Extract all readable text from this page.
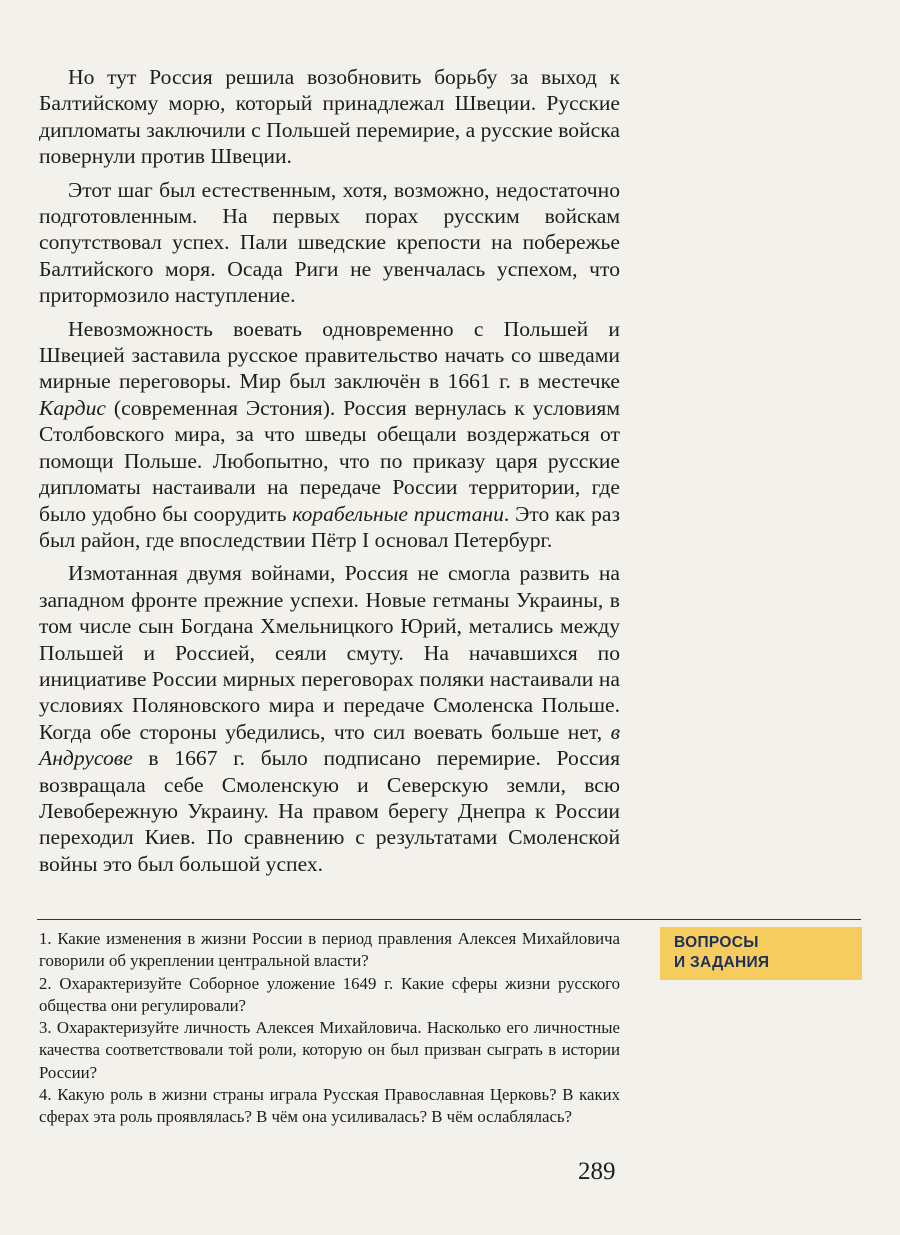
Но тут Россия решила возобновить борьбу за выход к Балтийскому морю, который принадлежал Швеции. Русские дипломаты заключили с Польшей перемирие, а русские войска повернули против Швеции.

Этот шаг был естественным, хотя, возможно, недостаточно подготовленным. На первых порах русским войскам сопутствовал успех. Пали шведские крепости на побережье Балтийского моря. Осада Риги не увенчалась успехом, что притормозило наступление.

Невозможность воевать одновременно с Польшей и Швецией заставила русское правительство начать со шведами мирные переговоры. Мир был заключён в 1661 г. в местечке Кардис (современная Эстония). Россия вернулась к условиям Столбовского мира, за что шведы обещали воздержаться от помощи Польше. Любопытно, что по приказу царя русские дипломаты настаивали на передаче России территории, где было удобно бы соорудить корабельные пристани. Это как раз был район, где впоследствии Пётр I основал Петербург.

Измотанная двумя войнами, Россия не смогла развить на западном фронте прежние успехи. Новые гетманы Украины, в том числе сын Богдана Хмельницкого Юрий, метались между Польшей и Россией, сеяли смуту. На начавшихся по инициативе России мирных переговорах поляки настаивали на условиях Поляновского мира и передаче Смоленска Польше. Когда обе стороны убедились, что сил воевать больше нет, в Андрусове в 1667 г. было подписано перемирие. Россия возвращала себе Смоленскую и Северскую земли, всю Левобережную Украину. На правом берегу Днепра к России переходил Киев. По сравнению с результатами Смоленской войны это был большой успех.

1. Какие изменения в жизни России в период правления Алексея Михайловича говорили об укреплении центральной власти?

2. Охарактеризуйте Соборное уложение 1649 г. Какие сферы жизни русского общества они регулировали?

3. Охарактеризуйте личность Алексея Михайловича. Насколько его личностные качества соответствовали той роли, которую он был призван сыграть в истории России?

4. Какую роль в жизни страны играла Русская Православная Церковь? В каких сферах эта роль проявлялась? В чём она усиливалась? В чём ослаблялась?

ВОПРОСЫ
И ЗАДАНИЯ
289
